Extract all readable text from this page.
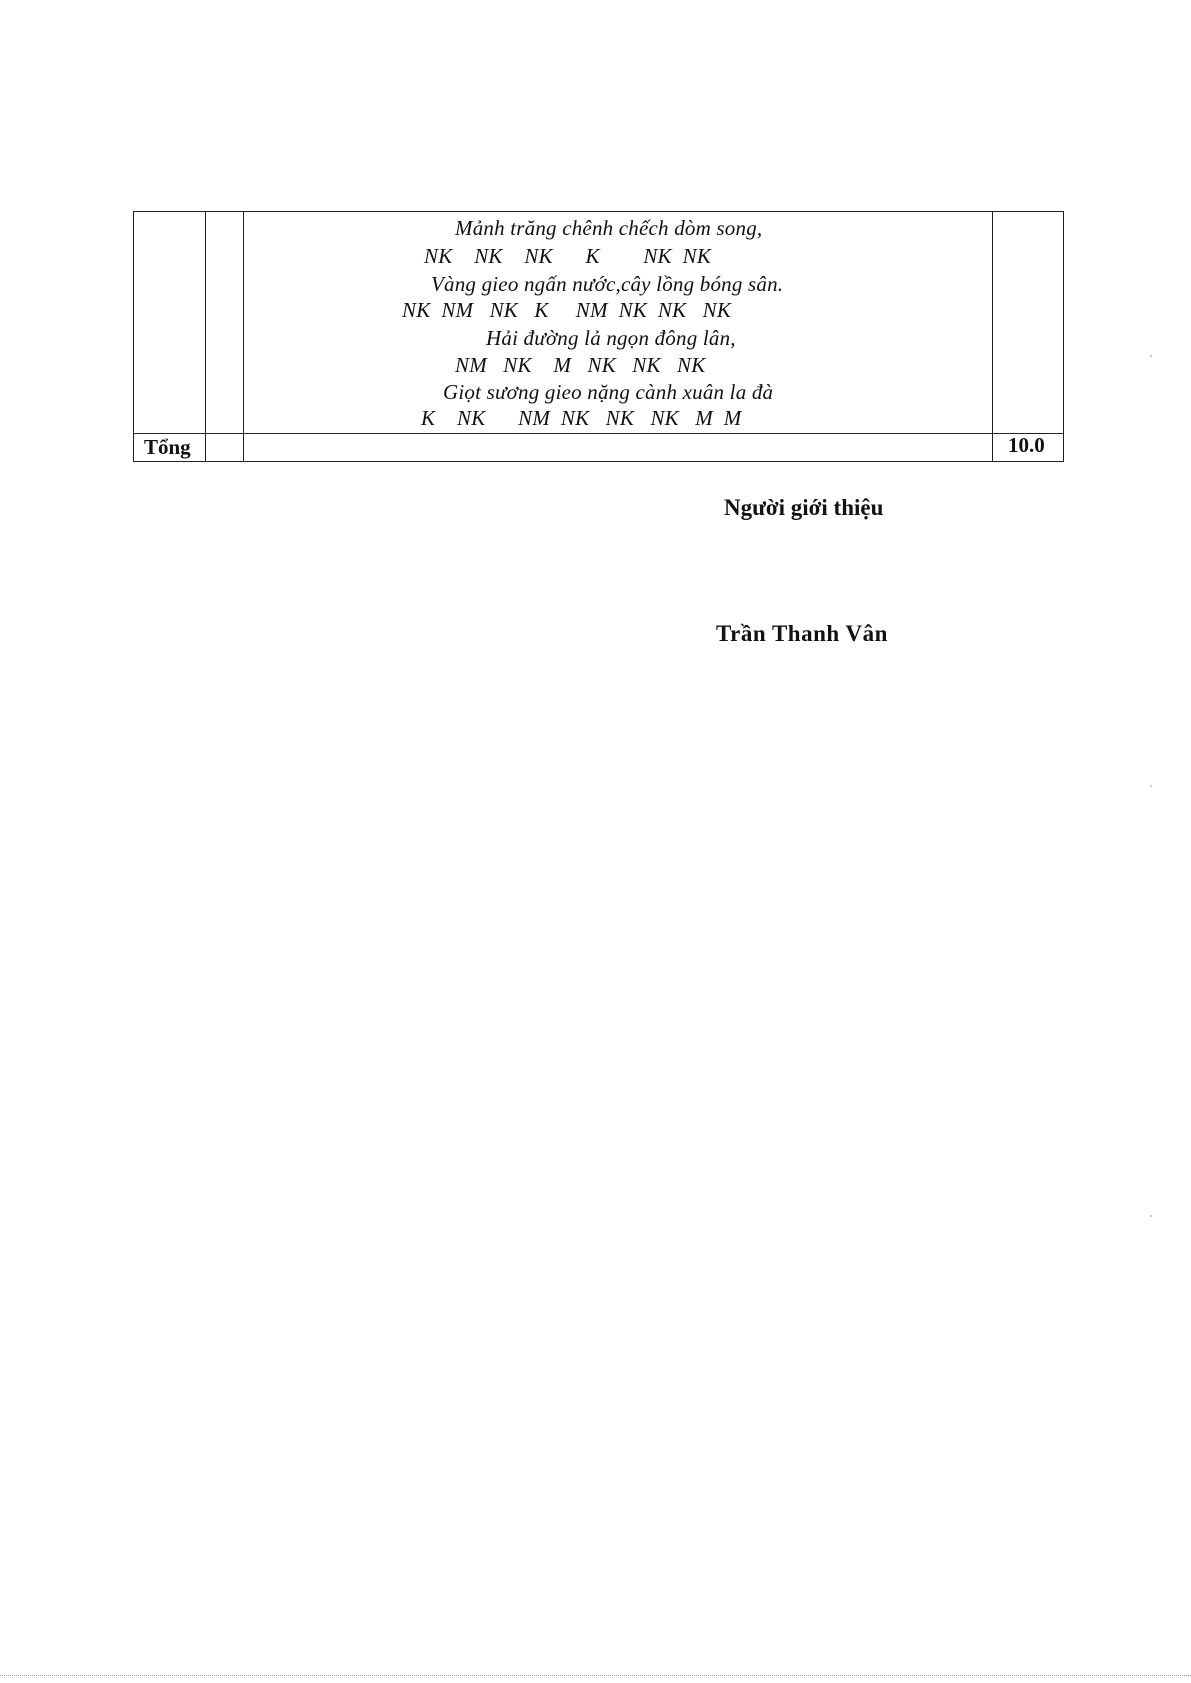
Mảnh trăng chênh chếch dòm song,
NK    NK    NK      K        NK  NK
Vàng gieo ngấn nước,cây lồng bóng sân.
NK  NM   NK   K     NM  NK  NK   NK
Hải đường lả ngọn đông lân,
NM   NK    M   NK   NK   NK
Giọt sương gieo nặng cành xuân la đà
K    NK      NM  NK   NK   NK   M  M
Tổng	10.0
Người giới thiệu
Trần Thanh Vân
